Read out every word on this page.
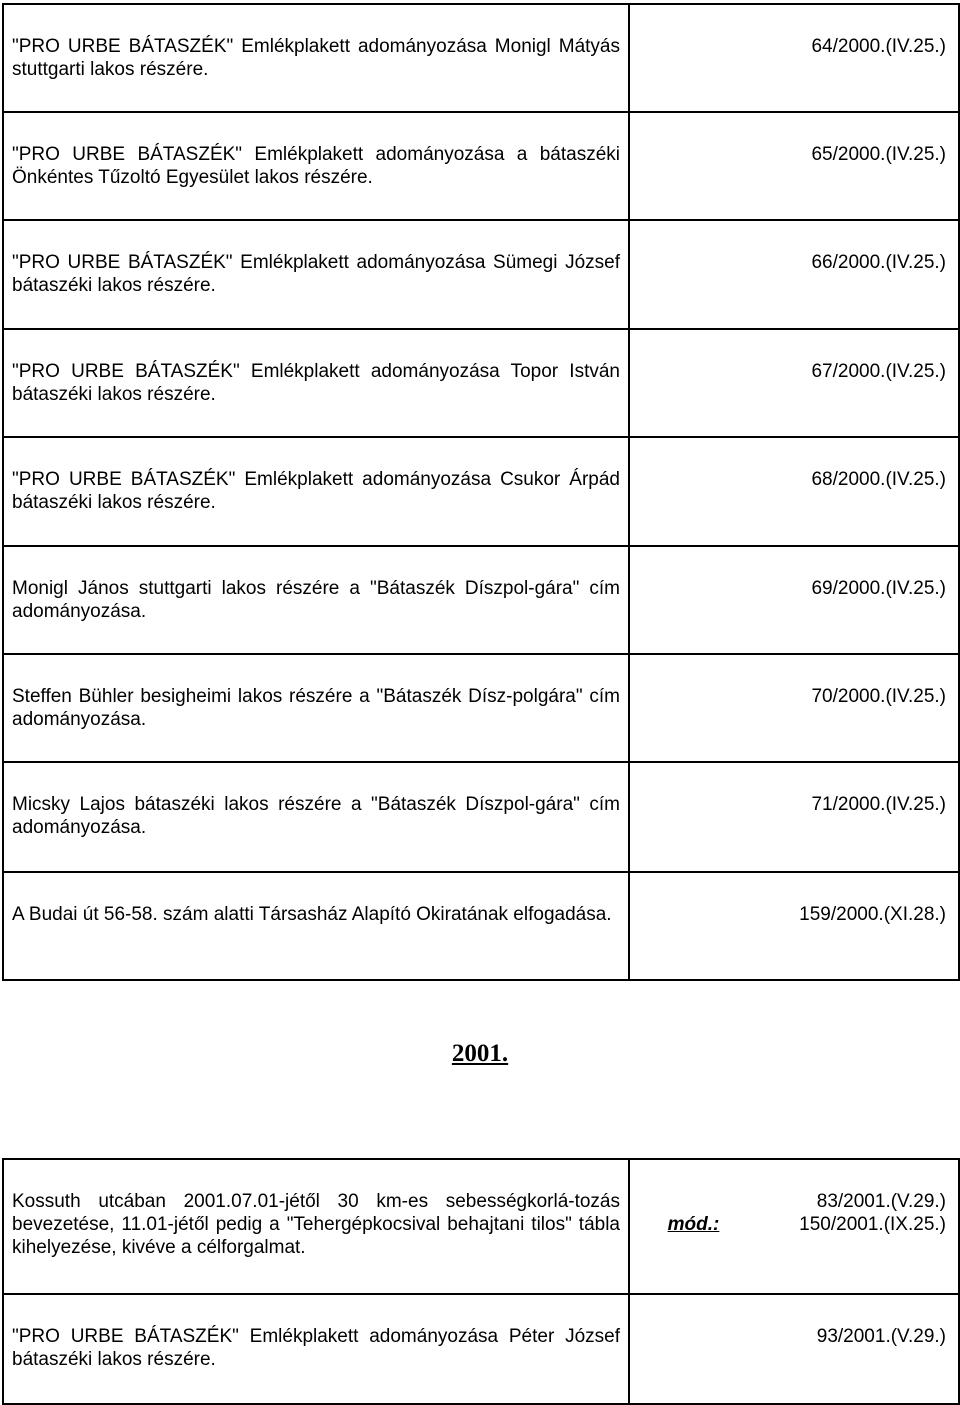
"PRO URBE BÁTASZÉK" Emlékplakett adományozása Monigl Mátyás stuttgarti lakos részére.	64/2000.(IV.25.)

"PRO URBE BÁTASZÉK" Emlékplakett adományozása a bátaszéki Önkéntes Tűzoltó Egyesület lakos részére.	65/2000.(IV.25.)

"PRO URBE BÁTASZÉK" Emlékplakett adományozása Sümegi József bátaszéki lakos részére.	66/2000.(IV.25.)

"PRO URBE BÁTASZÉK" Emlékplakett adományozása Topor István bátaszéki lakos részére.	67/2000.(IV.25.)

"PRO URBE BÁTASZÉK" Emlékplakett adományozása Csukor Árpád bátaszéki lakos részére.	68/2000.(IV.25.)

Monigl János stuttgarti lakos részére a "Bátaszék Díszpol-gára" cím adományozása.	69/2000.(IV.25.)

Steffen Bühler besigheimi lakos részére a "Bátaszék Dísz-polgára" cím adományozása.	70/2000.(IV.25.)

Micsky Lajos bátaszéki lakos részére a "Bátaszék Díszpol-gára" cím adományozása.	71/2000.(IV.25.)

A Budai út 56-58. szám alatti Társasház Alapító Okiratának elfogadása.	159/2000.(XI.28.)
2001.
Kossuth utcában 2001.07.01-jétől 30 km-es sebességkorlá-tozás bevezetése, 11.01-jétől pedig a "Tehergépkocsival behajtani tilos" tábla kihelyezése, kivéve a célforgalmat.	mód.:	83/2001.(V.29.)
150/2001.(IX.25.)

"PRO URBE BÁTASZÉK" Emlékplakett adományozása Péter József bátaszéki lakos részére.		93/2001.(V.29.)
